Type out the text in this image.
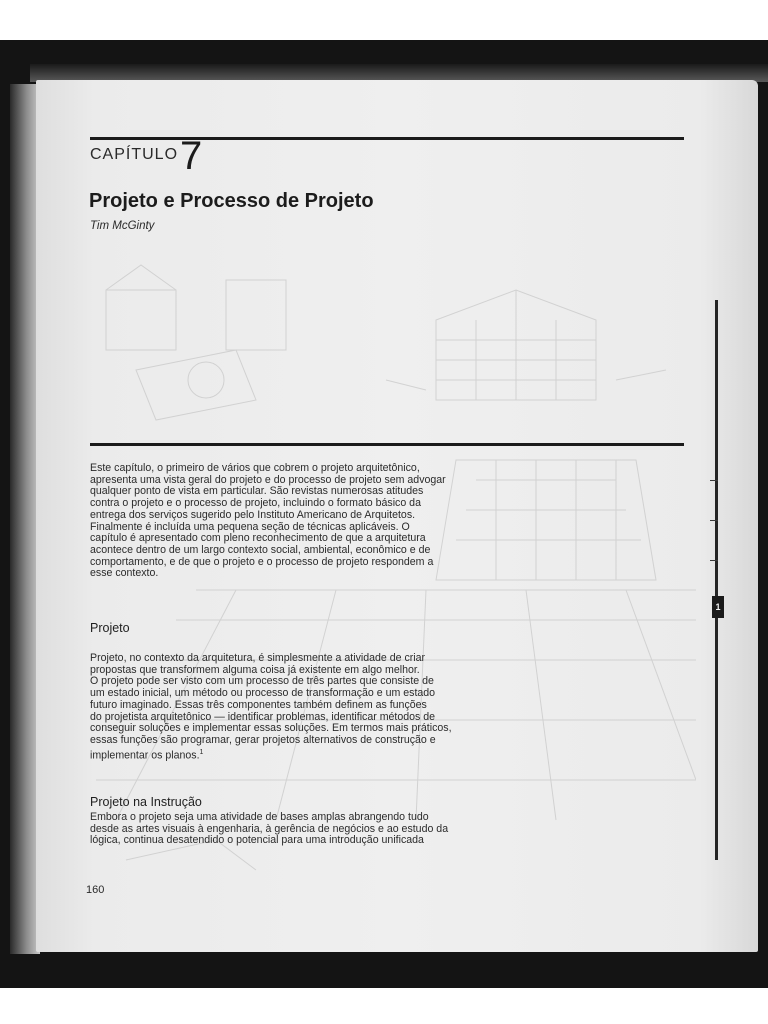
CAPÍTULO 7
Projeto e Processo de Projeto
Tim McGinty
Este capítulo, o primeiro de vários que cobrem o projeto arquitetônico,
apresenta uma vista geral do projeto e do processo de projeto sem advogar
qualquer ponto de vista em particular. São revistas numerosas atitudes
contra o projeto e o processo de projeto, incluindo o formato básico da
entrega dos serviços sugerido pelo Instituto Americano de Arquitetos.
Finalmente é incluída uma pequena seção de técnicas aplicáveis. O
capítulo é apresentado com pleno reconhecimento de que a arquitetura
acontece dentro de um largo contexto social, ambiental, econômico e de
comportamento, e de que o projeto e o processo de projeto respondem a
esse contexto.
Projeto
Projeto, no contexto da arquitetura, é simplesmente a atividade de criar
propostas que transformem alguma coisa já existente em algo melhor.
O projeto pode ser visto com um processo de três partes que consiste de
um estado inicial, um método ou processo de transformação e um estado
futuro imaginado. Essas três componentes também definem as funções
do projetista arquitetônico — identificar problemas, identificar métodos de
conseguir soluções e implementar essas soluções. Em termos mais práticos,
essas funções são programar, gerar projetos alternativos de construção e
implementar os planos.$^1$
Projeto na Instrução
Embora o projeto seja uma atividade de bases amplas abrangendo tudo
desde as artes visuais à engenharia, à gerência de negócios e ao estudo da
lógica, continua desatendido o potencial para uma introdução unificada
160
1
